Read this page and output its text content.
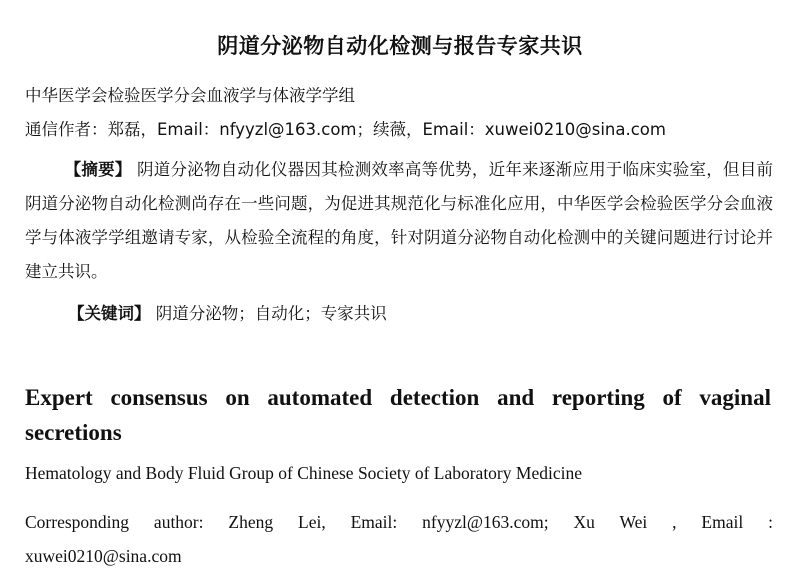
阴道分泌物自动化检测与报告专家共识
中华医学会检验医学分会血液学与体液学学组
通信作者：郑磊，Email：nfyyzl@163.com；续薇，Email：xuwei0210@sina.com
【摘要】 阴道分泌物自动化仪器因其检测效率高等优势，近年来逐渐应用于临床实验室，但目前阴道分泌物自动化检测尚存在一些问题，为促进其规范化与标准化应用，中华医学会检验医学分会血液学与体液学学组邀请专家，从检验全流程的角度，针对阴道分泌物自动化检测中的关键问题进行讨论并建立共识。
【关键词】 阴道分泌物；自动化；专家共识
Expert consensus on automated detection and reporting of vaginal secretions
Hematology and Body Fluid Group of Chinese Society of Laboratory Medicine
Corresponding author: Zheng Lei, Email: nfyyzl@163.com; Xu Wei , Email : xuwei0210@sina.com
